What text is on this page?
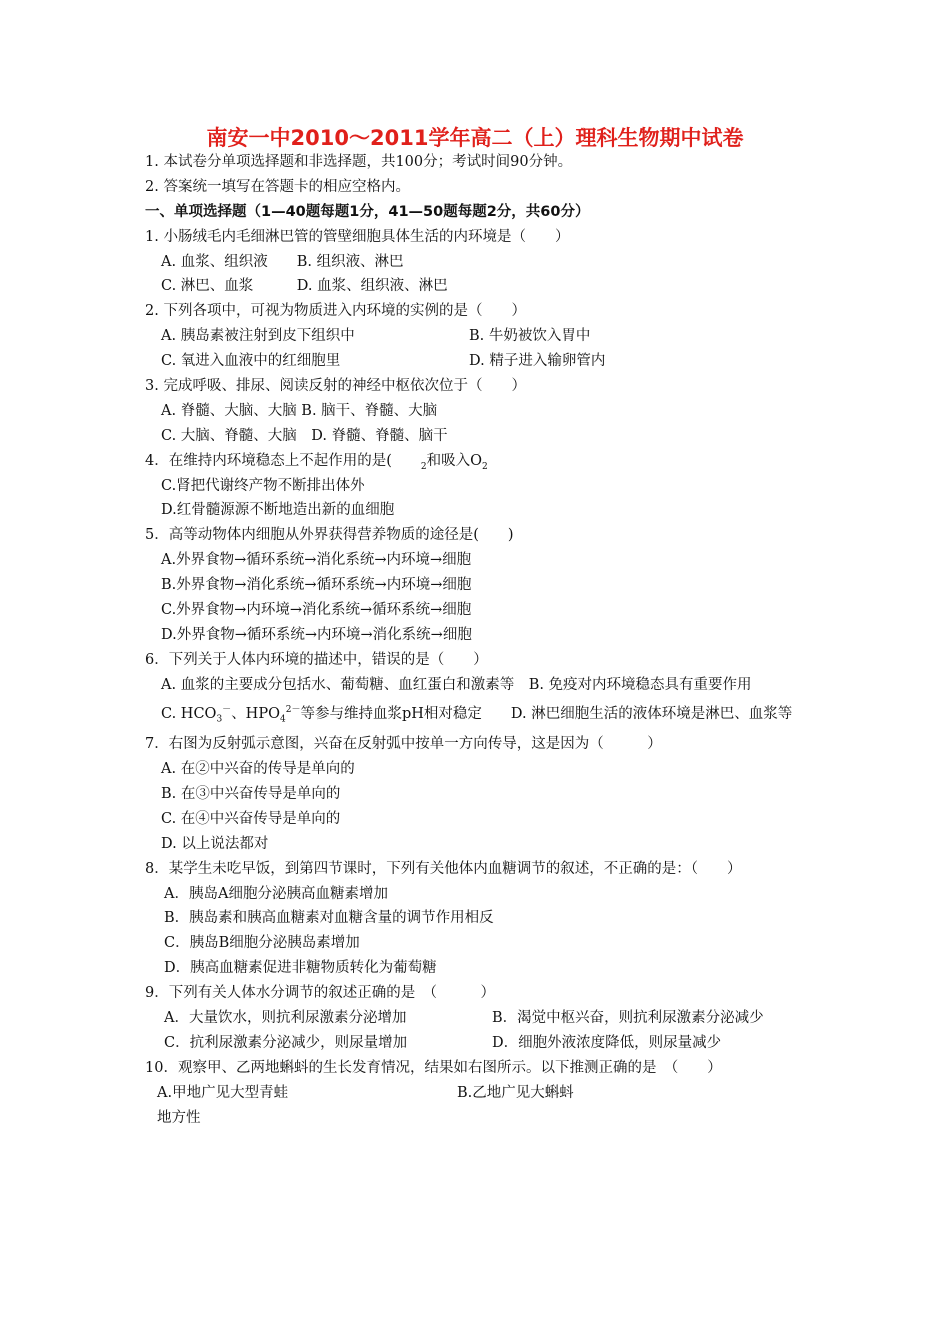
南安一中2010～2011学年高二（上）理科生物期中试卷
1. 本试卷分单项选择题和非选择题，共100分；考试时间90分钟。
2. 答案统一填写在答题卡的相应空格内。
一、单项选择题（1—40题每题1分，41—50题每题2分，共60分）
1. 小肠绒毛内毛细淋巴管的管壁细胞具体生活的内环境是（　　）
A. 血浆、组织液　　B. 组织液、淋巴
C. 淋巴、血浆　　　D. 血浆、组织液、淋巴
2. 下列各项中，可视为物质进入内环境的实例的是（　　）
A. 胰岛素被注射到皮下组织中	B. 牛奶被饮入胃中
C. 氧进入血液中的红细胞里	D. 精子进入输卵管内
3. 完成呼吸、排尿、阅读反射的神经中枢依次位于（　　）
A. 脊髓、大脑、大脑 B. 脑干、脊髓、大脑
C. 大脑、脊髓、大脑　D. 脊髓、脊髓、脑干
4．在维持内环境稳态上不起作用的是(　　$_2$和吸入$O_2$
C.肾把代谢终产物不断排出体外
D.红骨髓源源不断地造出新的血细胞
5．高等动物体内细胞从外界获得营养物质的途径是(　　)
A.外界食物→循环系统→消化系统→内环境→细胞
B.外界食物→消化系统→循环系统→内环境→细胞
C.外界食物→内环境→消化系统→循环系统→细胞
D.外界食物→循环系统→内环境→消化系统→细胞
6．下列关于人体内环境的描述中，错误的是（　　）
A. 血浆的主要成分包括水、葡萄糖、血红蛋白和激素等　B. 免疫对内环境稳态具有重要作用
C. $HCO_3^-$、$HPO_4^{2-}$等参与维持血浆pH相对稳定　　D. 淋巴细胞生活的液体环境是淋巴、血浆等
7．右图为反射弧示意图，兴奋在反射弧中按单一方向传导，这是因为（　　　）
A. 在②中兴奋的传导是单向的
B. 在③中兴奋传导是单向的
C. 在④中兴奋传导是单向的
D. 以上说法都对
8．某学生未吃早饭，到第四节课时，下列有关他体内血糖调节的叙述，不正确的是：（　　）
A．胰岛A细胞分泌胰高血糖素增加
B．胰岛素和胰高血糖素对血糖含量的调节作用相反
C．胰岛B细胞分泌胰岛素增加
D．胰高血糖素促进非糖物质转化为葡萄糖
9．下列有关人体水分调节的叙述正确的是　（　　　）
A．大量饮水，则抗利尿激素分泌增加	B．渴觉中枢兴奋，则抗利尿激素分泌减少
C．抗利尿激素分泌减少，则尿量增加	D．细胞外液浓度降低，则尿量减少
10．观察甲、乙两地蝌蚪的生长发育情况，结果如右图所示。以下推测正确的是　（　　）
A.甲地广见大型青蛙	B.乙地广见大蝌蚪
地方性
